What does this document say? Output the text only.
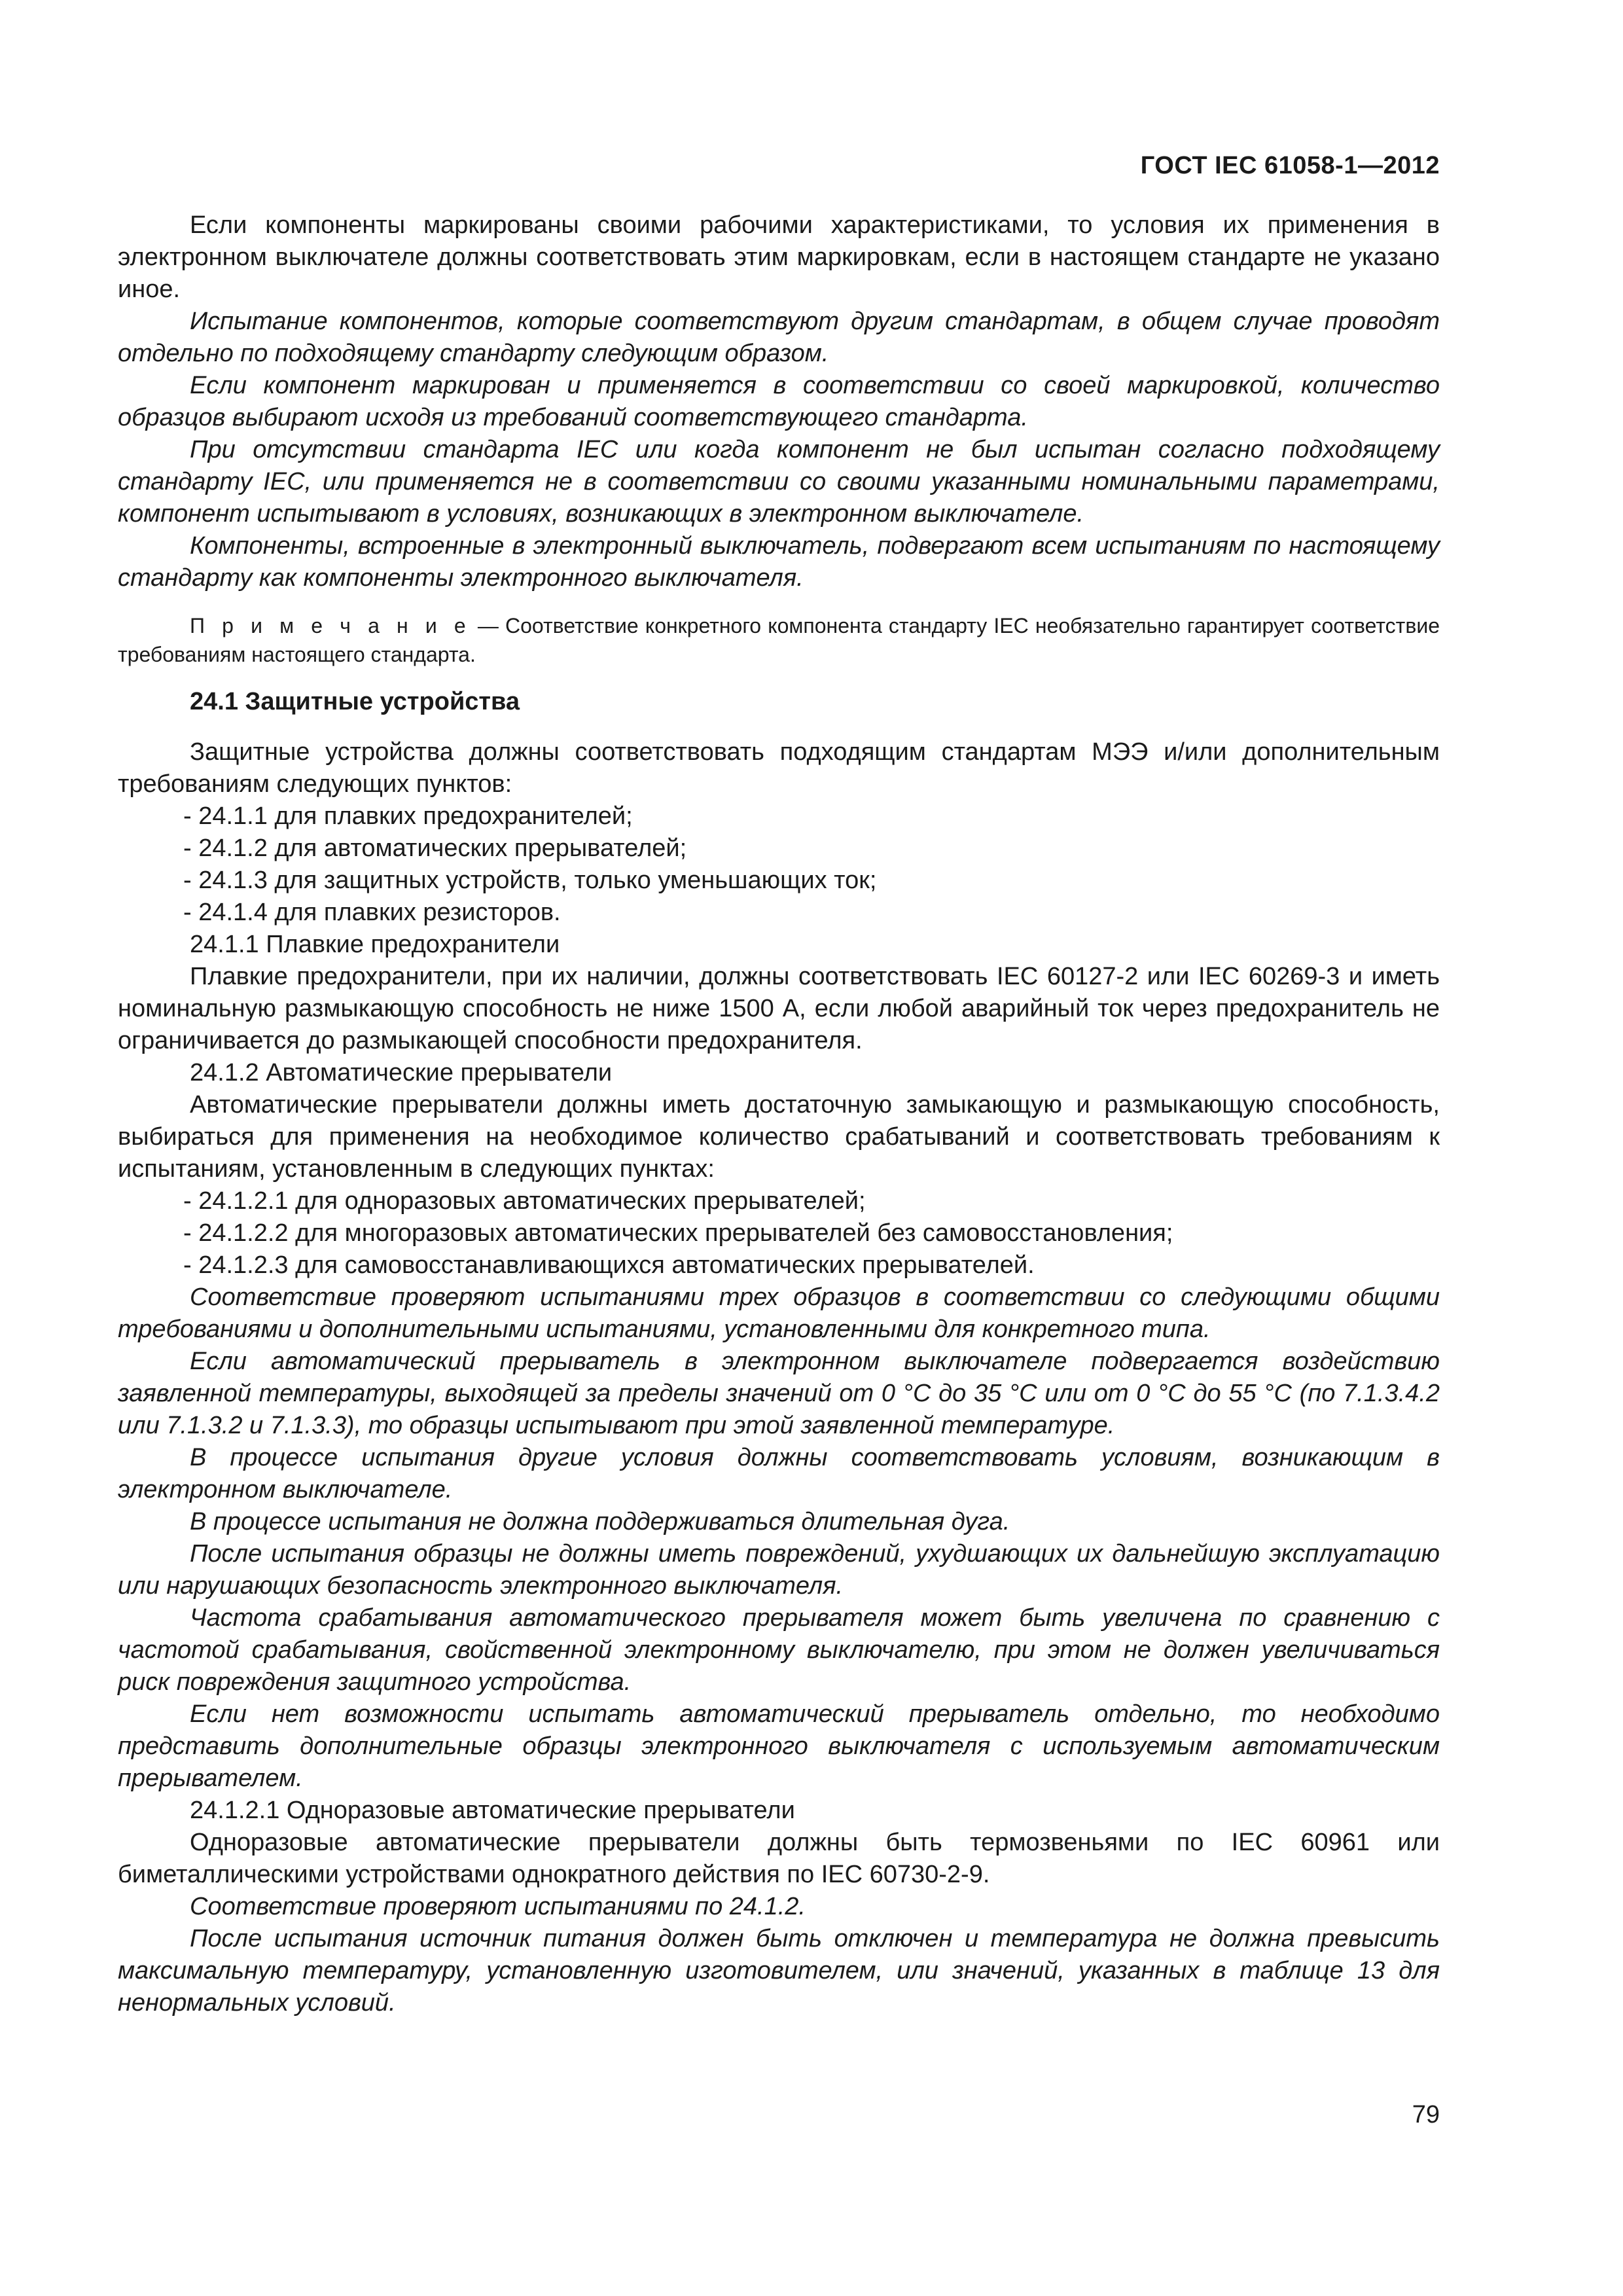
ГОСТ IEC 61058-1—2012

Если компоненты маркированы своими рабочими характеристиками, то условия их применения в электронном выключателе должны соответствовать этим маркировкам, если в настоящем стандарте не указано иное.

Испытание компонентов, которые соответствуют другим стандартам, в общем случае проводят отдельно по подходящему стандарту следующим образом.

Если компонент маркирован и применяется в соответствии со своей маркировкой, количество образцов выбирают исходя из требований соответствующего стандарта.

При отсутствии стандарта IEC или когда компонент не был испытан согласно подходящему стандарту IEC, или применяется не в соответствии со своими указанными номинальными параметрами, компонент испытывают в условиях, возникающих в электронном выключателе.

Компоненты, встроенные в электронный выключатель, подвергают всем испытаниям по настоящему стандарту как компоненты электронного выключателя.

П р и м е ч а н и е — Соответствие конкретного компонента стандарту IEC необязательно гарантирует соответствие требованиям настоящего стандарта.

24.1 Защитные устройства

Защитные устройства должны соответствовать подходящим стандартам МЭЭ и/или дополнительным требованиям следующих пунктов:

- 24.1.1 для плавких предохранителей;

- 24.1.2 для автоматических прерывателей;

- 24.1.3 для защитных устройств, только уменьшающих ток;

- 24.1.4 для плавких резисторов.

24.1.1 Плавкие предохранители

Плавкие предохранители, при их наличии, должны соответствовать IEC 60127-2 или IEC 60269-3 и иметь номинальную размыкающую способность не ниже 1500 А, если любой аварийный ток через предохранитель не ограничивается до размыкающей способности предохранителя.

24.1.2 Автоматические прерыватели

Автоматические прерыватели должны иметь достаточную замыкающую и размыкающую способность, выбираться для применения на необходимое количество срабатываний и соответствовать требованиям к испытаниям, установленным в следующих пунктах:

- 24.1.2.1 для одноразовых автоматических прерывателей;

- 24.1.2.2 для многоразовых автоматических прерывателей без самовосстановления;

- 24.1.2.3 для самовосстанавливающихся автоматических прерывателей.

Соответствие проверяют испытаниями трех образцов в соответствии со следующими общими требованиями и дополнительными испытаниями, установленными для конкретного типа.

Если автоматический прерыватель в электронном выключателе подвергается воздействию заявленной температуры, выходящей за пределы значений от 0 °С до 35 °С или от 0 °С до 55 °С (по 7.1.3.4.2 или 7.1.3.2 и 7.1.3.3), то образцы испытывают при этой заявленной температуре.

В процессе испытания другие условия должны соответствовать условиям, возникающим в электронном выключателе.

В процессе испытания не должна поддерживаться длительная дуга.

После испытания образцы не должны иметь повреждений, ухудшающих их дальнейшую эксплуатацию или нарушающих безопасность электронного выключателя.

Частота срабатывания автоматического прерывателя может быть увеличена по сравнению с частотой срабатывания, свойственной электронному выключателю, при этом не должен увеличиваться риск повреждения защитного устройства.

Если нет возможности испытать автоматический прерыватель отдельно, то необходимо представить дополнительные образцы электронного выключателя с используемым автоматическим прерывателем.

24.1.2.1 Одноразовые автоматические прерыватели

Одноразовые автоматические прерыватели должны быть термозвеньями по IEC 60961 или биметаллическими устройствами однократного действия по IEC 60730-2-9.

Соответствие проверяют испытаниями по 24.1.2.

После испытания источник питания должен быть отключен и температура не должна превысить максимальную температуру, установленную изготовителем, или значений, указанных в таблице 13 для ненормальных условий.

79
